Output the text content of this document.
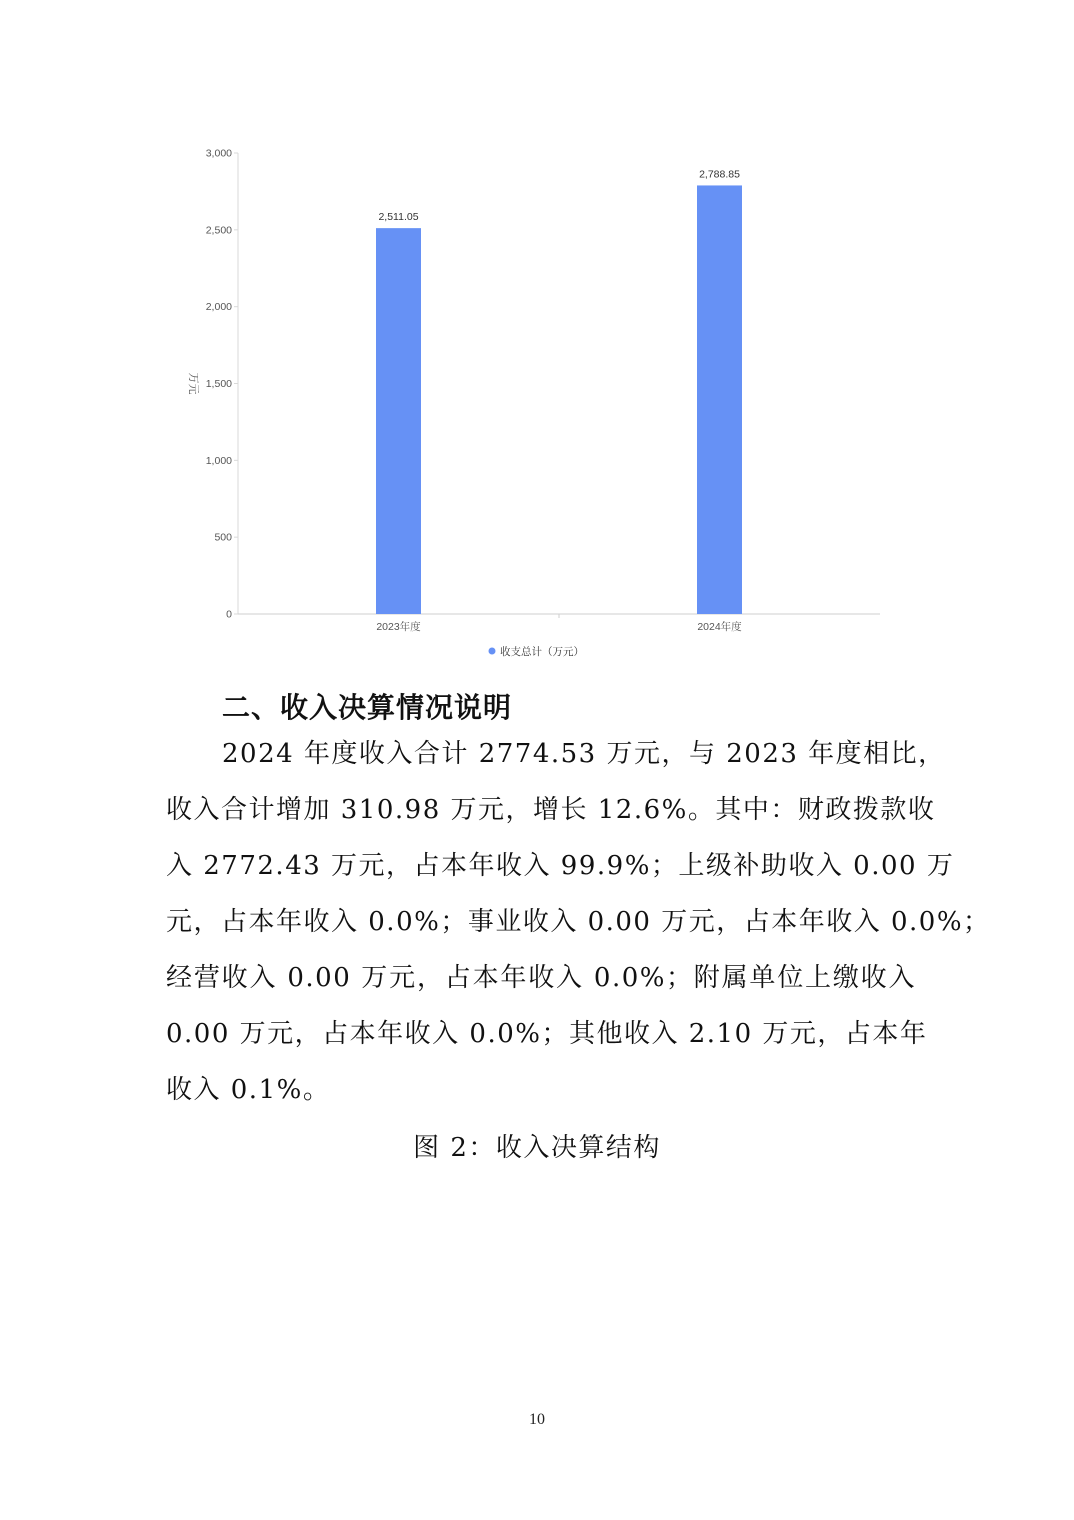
0
500
1,000
1,500
2,000
2,500
3,000
2023年度	2024年度
2,511.05
2,788.85
万元
收支总计（万元）
二、收入决算情况说明
2024 年度收入合计 2774.53 万元，与 2023 年度相比，
收入合计增加 310.98 万元，增长 12.6%。其中：财政拨款收
入 2772.43 万元，占本年收入 99.9%；上级补助收入 0.00 万
元，占本年收入 0.0%；事业收入 0.00 万元，占本年收入 0.0%；
经营收入 0.00 万元，占本年收入 0.0%；附属单位上缴收入
0.00 万元，占本年收入 0.0%；其他收入 2.10 万元，占本年
收入 0.1%。
图 2：收入决算结构
10
